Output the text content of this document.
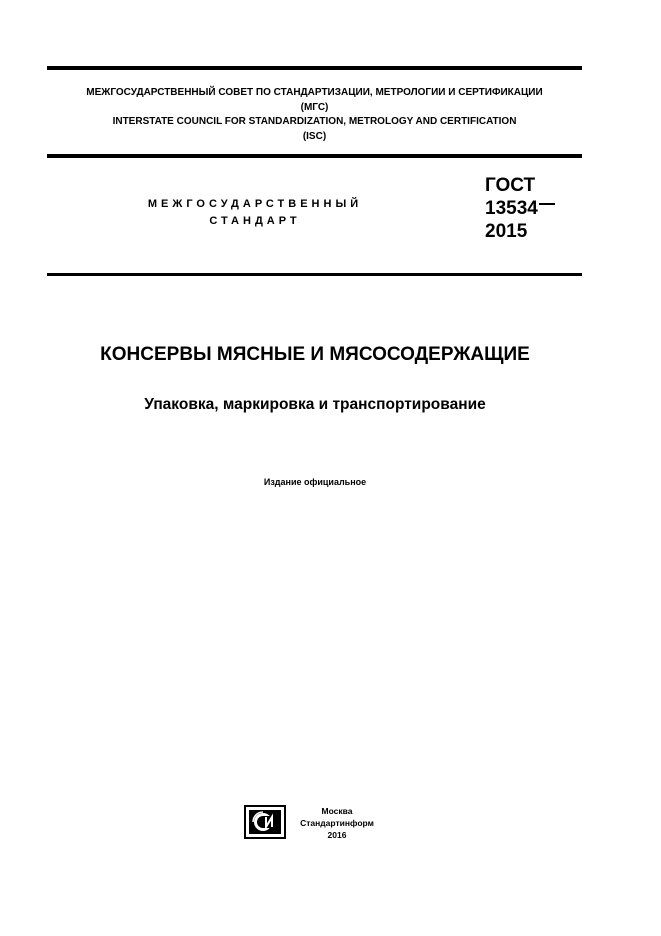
МЕЖГОСУДАРСТВЕННЫЙ СОВЕТ ПО СТАНДАРТИЗАЦИИ, МЕТРОЛОГИИ И СЕРТИФИКАЦИИ
(МГС)
INTERSTATE COUNCIL FOR STANDARDIZATION, METROLOGY AND CERTIFICATION
(ISC)
МЕЖГОСУДАРСТВЕННЫЙ
СТАНДАРТ
ГОСТ
13534
2015
КОНСЕРВЫ МЯСНЫЕ И МЯСОСОДЕРЖАЩИЕ
Упаковка, маркировка и транспортирование
Издание официальное
Москва
Стандартинформ
2016
